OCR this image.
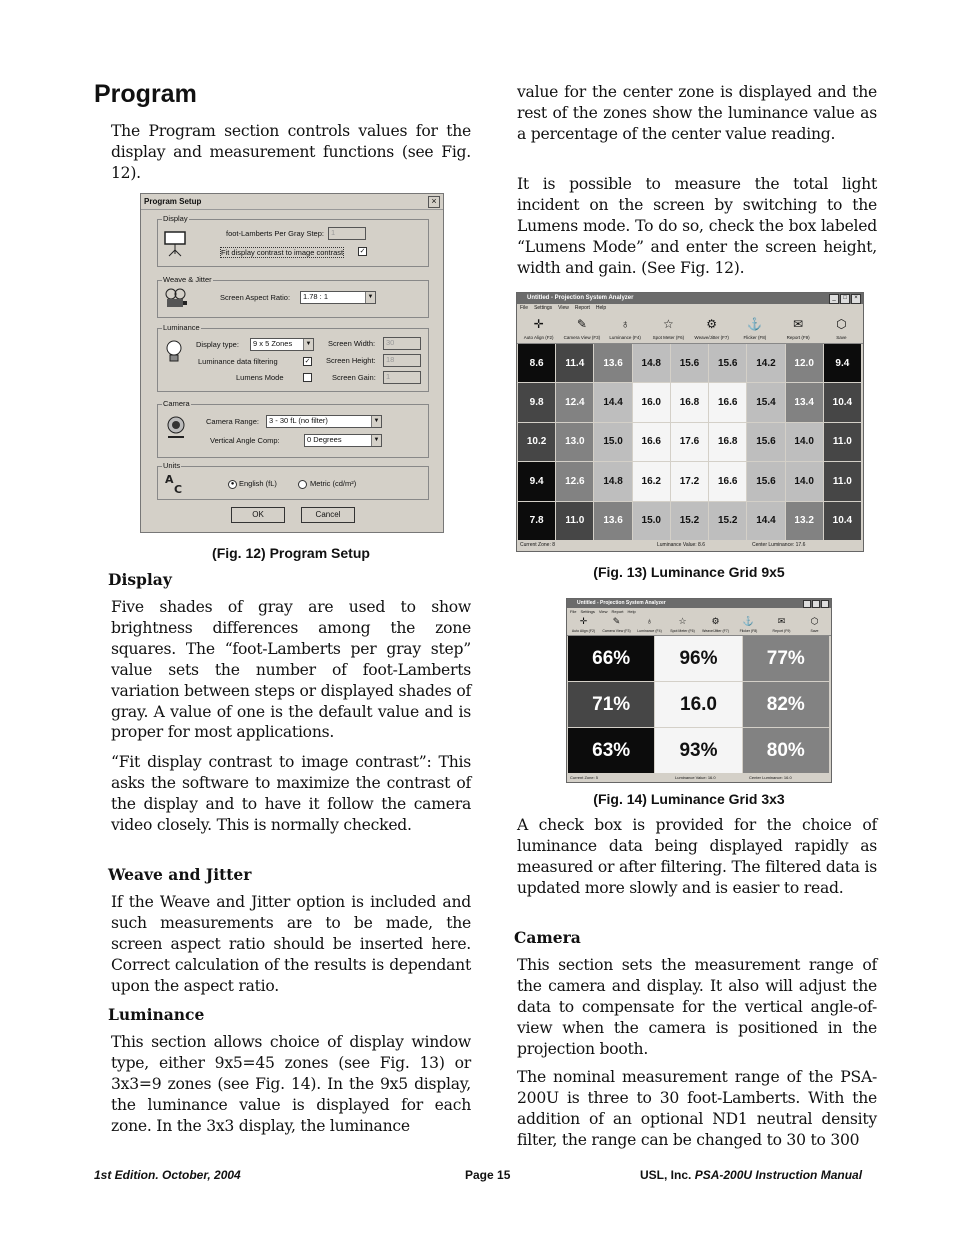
Program

The Program section controls values for the display and measurement functions (see Fig. 12).

Program Setup	×
Display
foot-Lamberts Per Gray Step: 1
Fit display contrast to image contrast ✓
Weave & Jitter
Screen Aspect Ratio:	1.78 : 1	▼
Luminance
Display type:	9 x 5 Zones	▼ Screen Width:	30
Luminance data filtering	✓ Screen Height:	18
Lumens Mode	Screen Gain:	1
Camera
Camera Range:	3 - 30 fL (no filter)	▼
Vertical Angle Comp:	0 Degrees	▼
Units
A
C	● English (fL)	Metric (cd/m²)
OK	Cancel
(Fig. 12) Program Setup
Display

Five shades of gray are used to show brightness differences among the zone squares. The “foot-Lamberts per gray step” value sets the number of foot-Lamberts variation between steps or displayed shades of gray. A value of one is the default value and is proper for most applications.

“Fit display contrast to image contrast”: This asks the software to maximize the contrast of the display and to have it follow the camera video closely. This is normally checked.

Weave and Jitter

If the Weave and Jitter option is included and such measurements are to be made, the screen aspect ratio should be inserted here. Correct calculation of the results is dependant upon the aspect ratio.

Luminance

This section allows choice of display window type, either 9x5=45 zones (see Fig. 13) or 3x3=9 zones (see Fig. 14). In the 9x5 display, the luminance value is displayed for each zone. In the 3x3 display, the luminance

value for the center zone is displayed and the rest of the zones show the luminance value as a percentage of the center value reading.

It is possible to measure the total light incident on the screen by switching to the Lumens mode. To do so, check the box labeled “Lumens Mode” and enter the screen height, width and gain. (See Fig. 12).

Untitled - Projection System Analyzer	_	□	×
File Settings View Report Help
✛
Auto Align (F2)
✎
Camera View (F3)
♁
Luminance (F4)
☆
Spot Meter (F6)
⚙
Weave/Jitter (F7)
⚓
Flicker (F8)
✉
Report (F9)
⬡
Save
8.6	11.4	13.6	14.8	15.6	15.6	14.2	12.0	9.4
9.8	12.4	14.4	16.0	16.8	16.6	15.4	13.4	10.4
10.2	13.0	15.0	16.6	17.6	16.8	15.6	14.0	11.0
9.4	12.6	14.8	16.2	17.2	16.6	15.6	14.0	11.0
7.8	11.0	13.6	15.0	15.2	15.2	14.4	13.2	10.4
Current Zone: 8	Luminance Value: 8.6	Center Luminance: 17.6
(Fig. 13) Luminance Grid 9x5
Untitled - Projection System Analyzer
File Settings View Report Help
✛
Auto Align (F2)
✎
Camera View (F3)
♁
Luminance (F4)
☆
Spot Meter (F6)
⚙
Weave/Jitter (F7)
⚓
Flicker (F8)
✉
Report (F9)
⬡
Save
66%	96%	77%
71%	16.0	82%
63%	93%	80%
Current Zone: 5	Luminance Value: 16.0	Center Luminance: 16.0
(Fig. 14) Luminance Grid 3x3

A check box is provided for the choice of luminance data being displayed rapidly as measured or after filtering. The filtered data is updated more slowly and is easier to read.

Camera

This section sets the measurement range of the camera and display. It also will adjust the data to compensate for the vertical angle-of-view when the camera is positioned in the projection booth.

The nominal measurement range of the PSA-200U is three to 30 foot-Lamberts. With the addition of an optional ND1 neutral density filter, the range can be changed to 30 to 300

1st Edition. October, 2004	Page 15	USL, Inc. PSA-200U Instruction Manual
